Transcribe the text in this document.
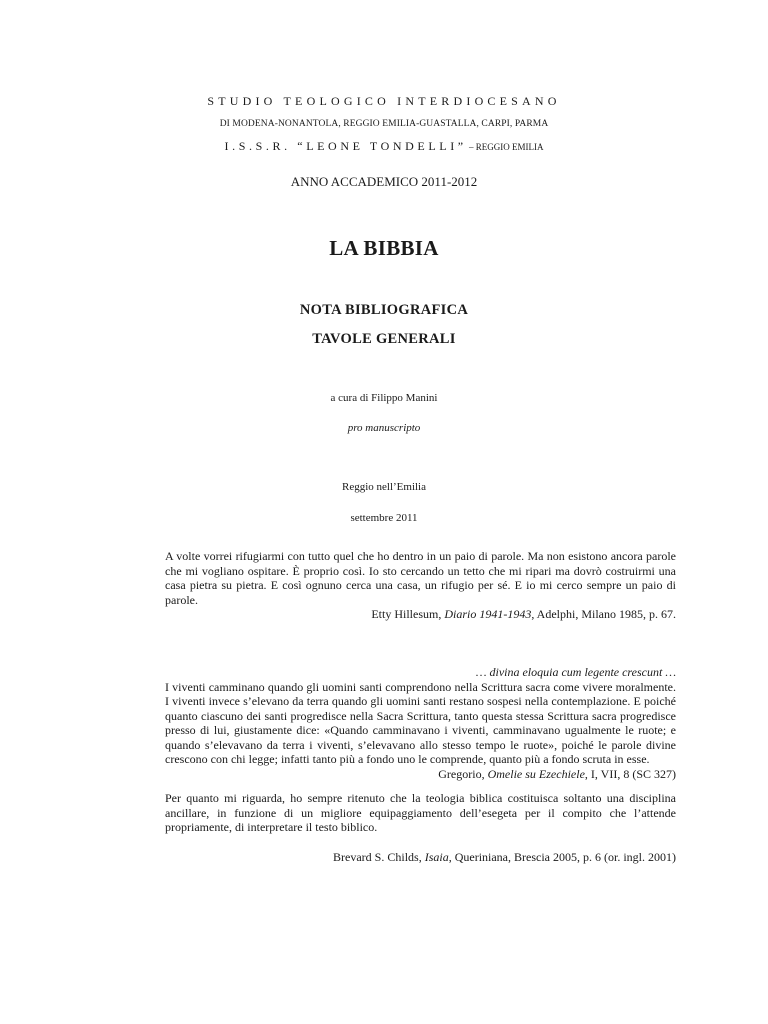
STUDIO TEOLOGICO INTERDIOCESANO
DI MODENA-NONANTOLA, REGGIO EMILIA-GUASTALLA, CARPI, PARMA
I.S.S.R. “LEONE TONDELLI” – REGGIO EMILIA
ANNO ACCADEMICO 2011-2012
LA BIBBIA
NOTA BIBLIOGRAFICA
TAVOLE GENERALI
a cura di Filippo Manini
pro manuscripto
Reggio nell’Emilia
settembre 2011

A volte vorrei rifugiarmi con tutto quel che ho dentro in un paio di parole. Ma non esistono ancora parole che mi vogliano ospitare. È proprio così. Io sto cercando un tetto che mi ripari ma dovrò costruirmi una casa pietra su pietra. E così ognuno cerca una casa, un rifugio per sé. E io mi cerco sempre un paio di parole.

Etty Hillesum, Diario 1941-1943, Adelphi, Milano 1985, p. 67.
… divina eloquia cum legente crescunt …

I viventi camminano quando gli uomini santi comprendono nella Scrittura sacra come vivere moralmente. I viventi invece s’elevano da terra quando gli uomini santi restano sospesi nella contemplazione. E poiché quanto ciascuno dei santi progredisce nella Sacra Scrittura, tanto questa stessa Scrittura sacra progredisce presso di lui, giustamente dice: «Quando camminavano i viventi, camminavano ugualmente le ruote; e quando s’elevavano da terra i viventi, s’elevavano allo stesso tempo le ruote», poiché le parole divine crescono con chi legge; infatti tanto più a fondo uno le comprende, quanto più a fondo scruta in esse.

Gregorio, Omelie su Ezechiele, I, VII, 8 (SC 327)

Per quanto mi riguarda, ho sempre ritenuto che la teologia biblica costituisca soltanto una disciplina ancillare, in funzione di un migliore equipaggiamento dell’esegeta per il compito che l’attende propriamente, di interpretare il testo biblico.

Brevard S. Childs, Isaia, Queriniana, Brescia 2005, p. 6 (or. ingl. 2001)
